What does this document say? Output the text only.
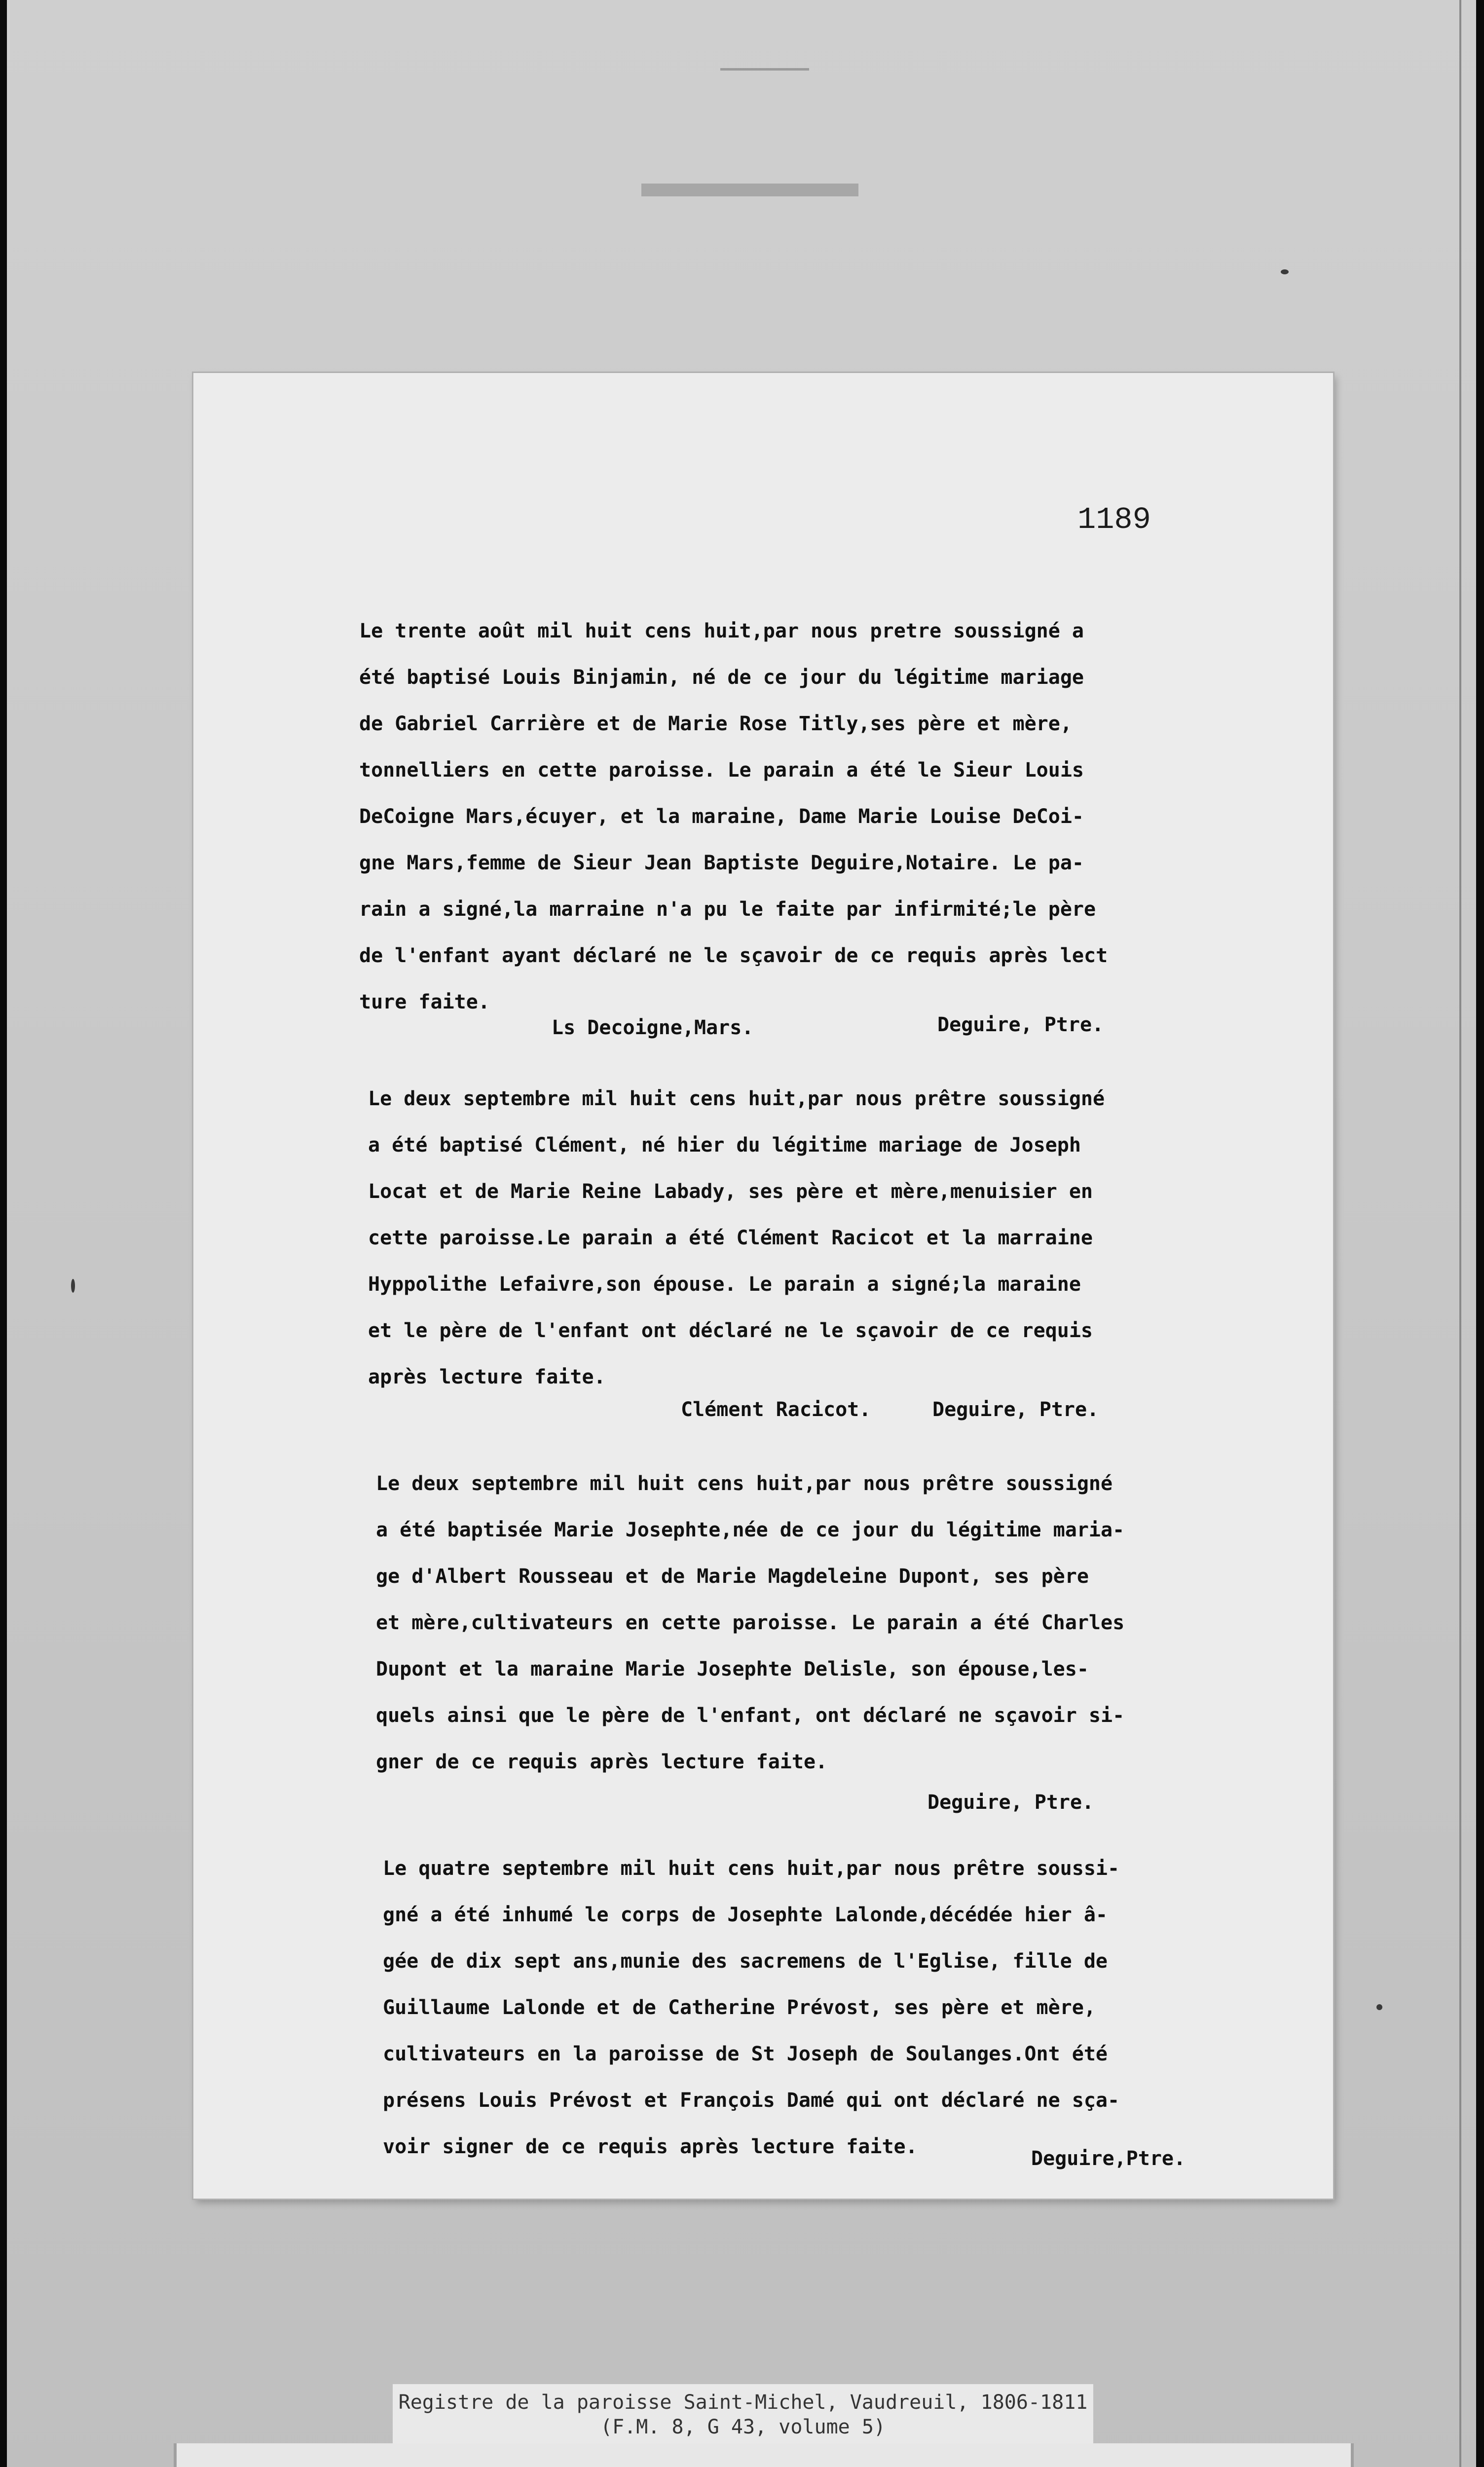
1189
Le trente août mil huit cens huit,par nous pretre soussigné a
été baptisé Louis Binjamin, né de ce jour du légitime mariage
de Gabriel Carrière et de Marie Rose Titly,ses père et mère,
tonnelliers en cette paroisse. Le parain a été le Sieur Louis
DeCoigne Mars,écuyer, et la maraine, Dame Marie Louise DeCoi-
gne Mars,femme de Sieur Jean Baptiste Deguire,Notaire. Le pa-
rain a signé,la marraine n'a pu le faite par infirmité;le père
de l'enfant ayant déclaré ne le sçavoir de ce requis après lect
ture faite.
Ls Decoigne,Mars.	Deguire, Ptre.
Le deux septembre mil huit cens huit,par nous prêtre soussigné
a été baptisé Clément, né hier du légitime mariage de Joseph
Locat et de Marie Reine Labady, ses père et mère,menuisier en
cette paroisse.Le parain a été Clément Racicot et la marraine
Hyppolithe Lefaivre,son épouse. Le parain a signé;la maraine
et le père de l'enfant ont déclaré ne le sçavoir de ce requis
après lecture faite.
Clément Racicot.	Deguire, Ptre.
Le deux septembre mil huit cens huit,par nous prêtre soussigné
a été baptisée Marie Josephte,née de ce jour du légitime maria-
ge d'Albert Rousseau et de Marie Magdeleine Dupont, ses père
et mère,cultivateurs en cette paroisse. Le parain a été Charles
Dupont et la maraine Marie Josephte Delisle, son épouse,les-
quels ainsi que le père de l'enfant, ont déclaré ne sçavoir si-
gner de ce requis après lecture faite.
Deguire, Ptre.
Le quatre septembre mil huit cens huit,par nous prêtre soussi-
gné a été inhumé le corps de Josephte Lalonde,décédée hier â-
gée de dix sept ans,munie des sacremens de l'Eglise, fille de
Guillaume Lalonde et de Catherine Prévost, ses père et mère,
cultivateurs en la paroisse de St Joseph de Soulanges.Ont été
présens Louis Prévost et François Damé qui ont déclaré ne sça-
voir signer de ce requis après lecture faite.
Deguire,Ptre.
Registre de la paroisse Saint-Michel, Vaudreuil, 1806-1811
(F.M. 8, G 43, volume 5)
